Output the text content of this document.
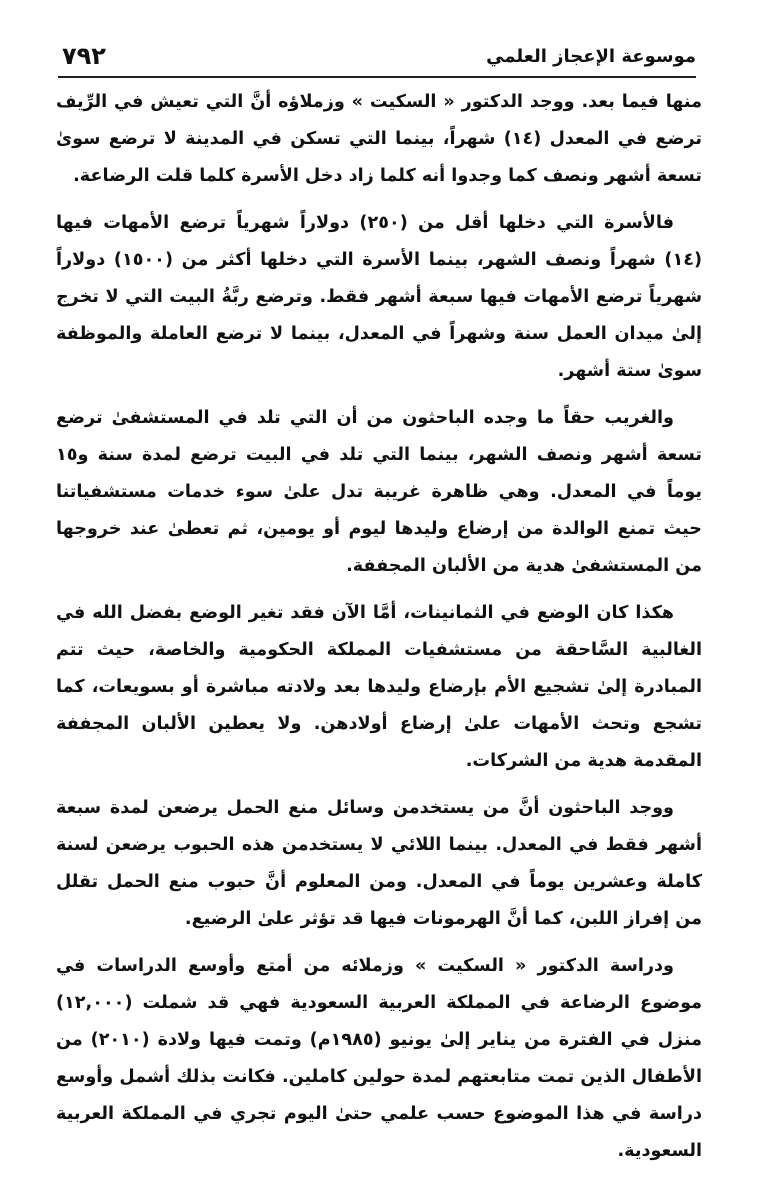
موسوعة الإعجاز العلمي
٧٩٢

منها فيما بعد. ووجد الدكتور « السكيت » وزملاؤه أنَّ التي تعيش في الرِّيف ترضع في المعدل (١٤) شهراً، بينما التي تسكن في المدينة لا ترضع سوىٰ تسعة أشهر ونصف كما وجدوا أنه كلما زاد دخل الأسرة كلما قلت الرضاعة.

فالأسرة التي دخلها أقل من (٢٥٠) دولاراً شهرياً ترضع الأمهات فيها (١٤) شهراً ونصف الشهر، بينما الأسرة التي دخلها أكثر من (١٥٠٠) دولاراً شهرياً ترضع الأمهات فيها سبعة أشهر فقط. وترضع ربَّةُ البيت التي لا تخرج إلىٰ ميدان العمل سنة وشهراً في المعدل، بينما لا ترضع العاملة والموظفة سوىٰ ستة أشهر.

والغريب حقاً ما وجده الباحثون من أن التي تلد في المستشفىٰ ترضع تسعة أشهر ونصف الشهر، بينما التي تلد في البيت ترضع لمدة سنة و١٥ يوماً في المعدل. وهي ظاهرة غريبة تدل علىٰ سوء خدمات مستشفياتنا حيث تمنع الوالدة من إرضاع وليدها ليوم أو يومين، ثم تعطىٰ عند خروجها من المستشفىٰ هدية من الألبان المجففة.

هكذا كان الوضع في الثمانينات، أمَّا الآن فقد تغير الوضع بفضل الله في الغالبية السَّاحقة من مستشفيات المملكة الحكومية والخاصة، حيث تتم المبادرة إلىٰ تشجيع الأم بإرضاع وليدها بعد ولادته مباشرة أو بسويعات، كما تشجع وتحث الأمهات علىٰ إرضاع أولادهن. ولا يعطين الألبان المجففة المقدمة هدية من الشركات.

ووجد الباحثون أنَّ من يستخدمن وسائل منع الحمل يرضعن لمدة سبعة أشهر فقط في المعدل. بينما اللائي لا يستخدمن هذه الحبوب يرضعن لسنة كاملة وعشرين يوماً في المعدل. ومن المعلوم أنَّ حبوب منع الحمل تقلل من إفراز اللبن، كما أنَّ الهرمونات فيها قد تؤثر علىٰ الرضيع.

ودراسة الدكتور « السكيت » وزملائه من أمتع وأوسع الدراسات في موضوع الرضاعة في المملكة العربية السعودية فهي قد شملت (١٢,٠٠٠) منزل في الفترة من يناير إلىٰ يونيو (١٩٨٥م) وتمت فيها ولادة (٢٠١٠) من الأطفال الذين تمت متابعتهم لمدة حولين كاملين. فكانت بذلك أشمل وأوسع دراسة في هذا الموضوع حسب علمي حتىٰ اليوم تجري في المملكة العربية السعودية.
